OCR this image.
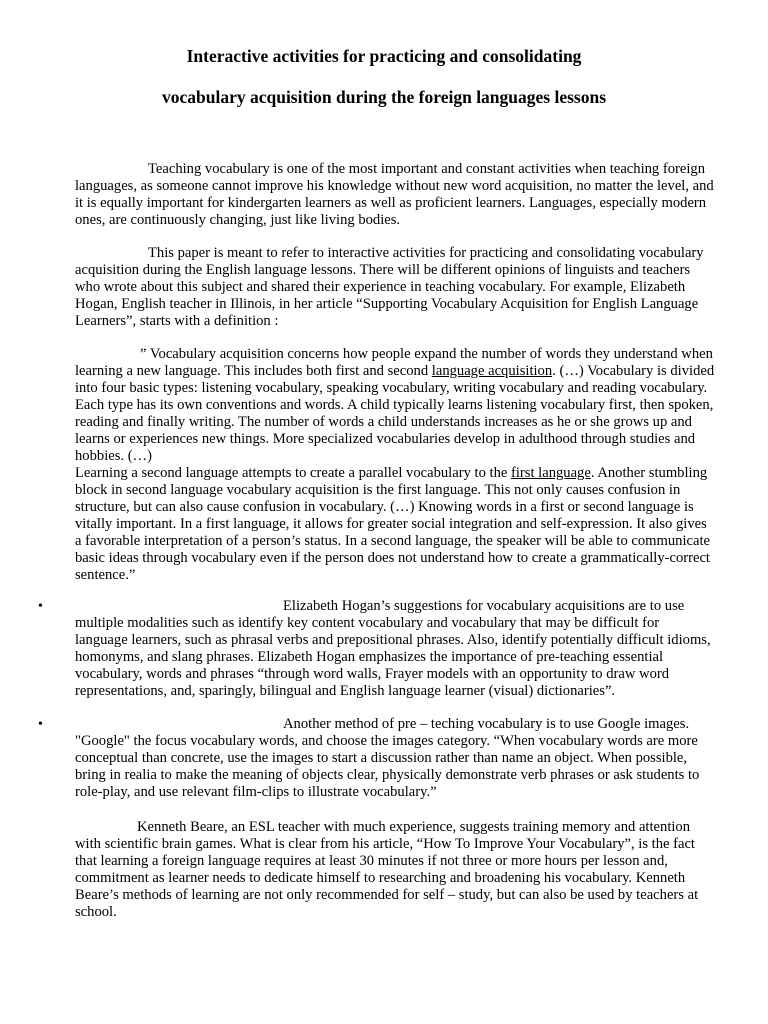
Interactive activities for practicing and consolidating
vocabulary acquisition during the foreign languages lessons

Teaching vocabulary is one of the most important and constant activities when teaching foreign languages, as someone cannot improve his knowledge without new word acquisition, no matter the level, and it is equally important for kindergarten learners as well as proficient learners. Languages, especially modern ones, are continuously changing, just like living bodies.

This paper is meant to refer to interactive activities for practicing and consolidating vocabulary acquisition during the English language lessons. There will be different opinions of linguists and teachers who wrote about this subject and shared their experience in teaching vocabulary. For example, Elizabeth Hogan, English teacher in Illinois, in her article “Supporting Vocabulary Acquisition for English Language Learners”, starts with a definition :

” Vocabulary acquisition concerns how people expand the number of words they understand when learning a new language. This includes both first and second language acquisition. (…) Vocabulary is divided into four basic types: listening vocabulary, speaking vocabulary, writing vocabulary and reading vocabulary. Each type has its own conventions and words. A child typically learns listening vocabulary first, then spoken, reading and finally writing. The number of words a child understands increases as he or she grows up and learns or experiences new things. More specialized vocabularies develop in adulthood through studies and hobbies. (…)
Learning a second language attempts to create a parallel vocabulary to the first language. Another stumbling block in second language vocabulary acquisition is the first language. This not only causes confusion in structure, but can also cause confusion in vocabulary. (…) Knowing words in a first or second language is vitally important. In a first language, it allows for greater social integration and self-expression. It also gives a favorable interpretation of a person’s status. In a second language, the speaker will be able to communicate basic ideas through vocabulary even if the person does not understand how to create a grammatically-correct sentence.”
•	Elizabeth Hogan’s suggestions for vocabulary acquisitions are to use multiple modalities such as identify key content vocabulary and vocabulary that may be difficult for language learners, such as phrasal verbs and prepositional phrases. Also, identify potentially difficult idioms, homonyms, and slang phrases. Elizabeth Hogan emphasizes the importance of pre-teaching essential vocabulary, words and phrases “through word walls, Frayer models with an opportunity to draw word representations, and, sparingly, bilingual and English language learner (visual) dictionaries”.
•	Another method of pre – teching vocabulary is to use Google images. "Google" the focus vocabulary words, and choose the images category. “When vocabulary words are more conceptual than concrete, use the images to start a discussion rather than name an object. When possible, bring in realia to make the meaning of objects clear, physically demonstrate verb phrases or ask students to role-play, and use relevant film-clips to illustrate vocabulary.”

Kenneth Beare, an ESL teacher with much experience, suggests training memory and attention with scientific brain games. What is clear from his article, “How To Improve Your Vocabulary”, is the fact that learning a foreign language requires at least 30 minutes if not three or more hours per lesson and, commitment as learner needs to dedicate himself to researching and broadening his vocabulary. Kenneth Beare’s methods of learning are not only recommended for self – study, but can also be used by teachers at school.
